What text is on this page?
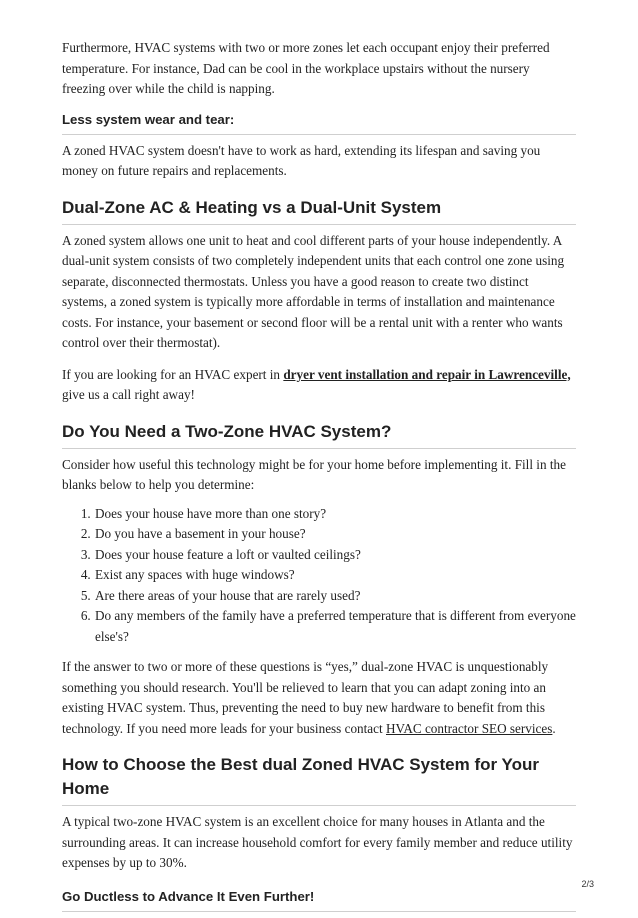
Furthermore, HVAC systems with two or more zones let each occupant enjoy their preferred temperature. For instance, Dad can be cool in the workplace upstairs without the nursery freezing over while the child is napping.

Less system wear and tear:

A zoned HVAC system doesn't have to work as hard, extending its lifespan and saving you money on future repairs and replacements.

Dual-Zone AC & Heating vs a Dual-Unit System

A zoned system allows one unit to heat and cool different parts of your house independently. A dual-unit system consists of two completely independent units that each control one zone using separate, disconnected thermostats. Unless you have a good reason to create two distinct systems, a zoned system is typically more affordable in terms of installation and maintenance costs. For instance, your basement or second floor will be a rental unit with a renter who wants control over their thermostat).

If you are looking for an HVAC expert in dryer vent installation and repair in Lawrenceville, give us a call right away!

Do You Need a Two-Zone HVAC System?

Consider how useful this technology might be for your home before implementing it. Fill in the blanks below to help you determine:

1. Does your house have more than one story?
2. Do you have a basement in your house?
3. Does your house feature a loft or vaulted ceilings?
4. Exist any spaces with huge windows?
5. Are there areas of your house that are rarely used?
6. Do any members of the family have a preferred temperature that is different from everyone else's?

If the answer to two or more of these questions is “yes,” dual-zone HVAC is unquestionably something you should research. You'll be relieved to learn that you can adapt zoning into an existing HVAC system. Thus, preventing the need to buy new hardware to benefit from this technology. If you need more leads for your business contact HVAC contractor SEO services.

How to Choose the Best dual Zoned HVAC System for Your Home

A typical two-zone HVAC system is an excellent choice for many houses in Atlanta and the surrounding areas. It can increase household comfort for every family member and reduce utility expenses by up to 30%.

Go Ductless to Advance It Even Further!
2/3
